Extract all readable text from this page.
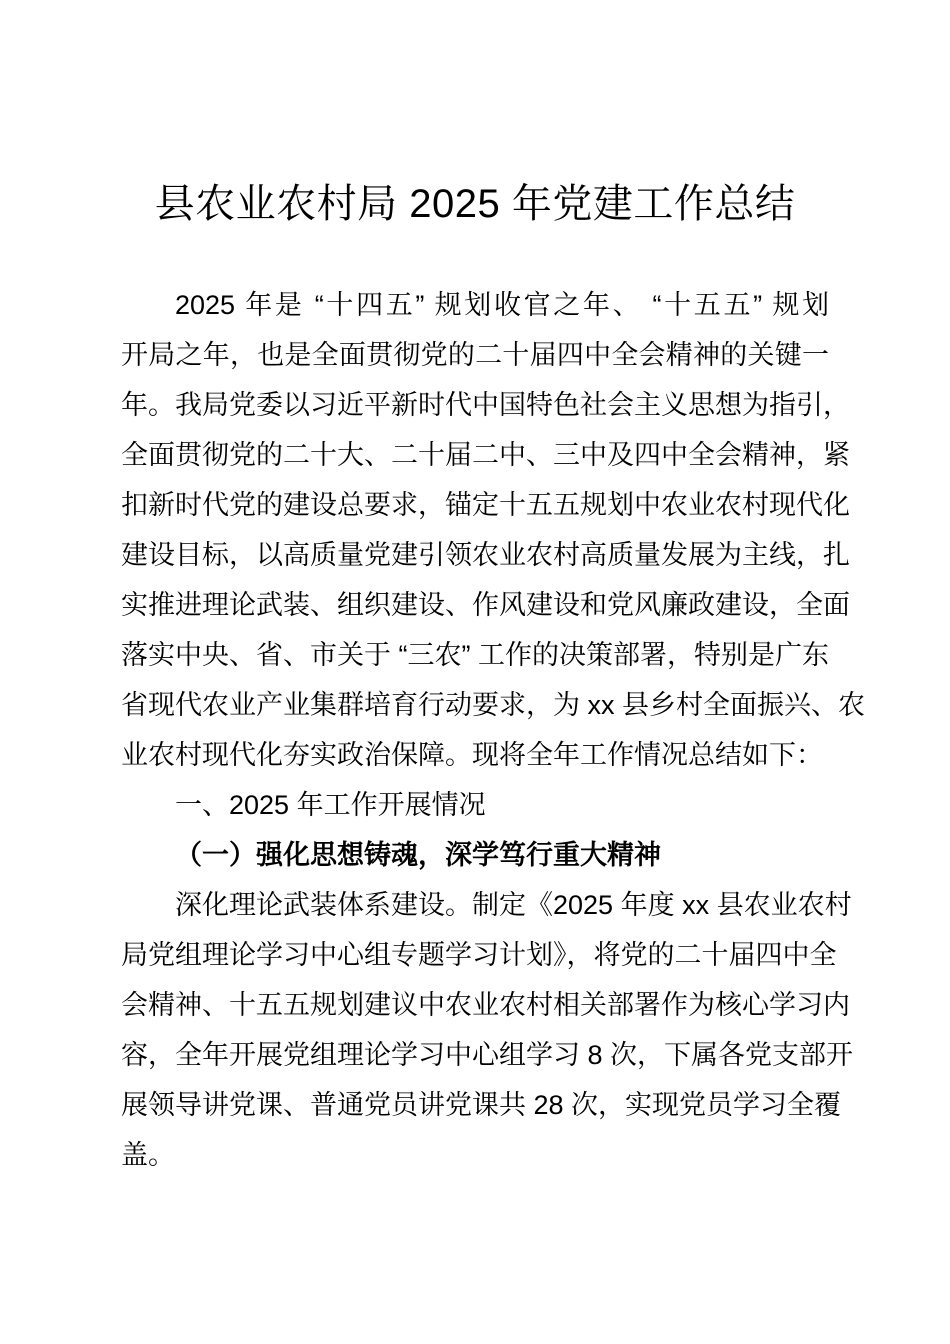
县农业农村局 2025 年党建工作总结
2025 年是 “十四五” 规划收官之年、 “十五五” 规划
开局之年，也是全面贯彻党的二十届四中全会精神的关键一
年。我局党委以习近平新时代中国特色社会主义思想为指引，
全面贯彻党的二十大、二十届二中、三中及四中全会精神，紧
扣新时代党的建设总要求，锚定十五五规划中农业农村现代化
建设目标，以高质量党建引领农业农村高质量发展为主线，扎
实推进理论武装、组织建设、作风建设和党风廉政建设，全面
落实中央、省、市关于 “三农” 工作的决策部署，特别是广东
省现代农业产业集群培育行动要求，为 xx 县乡村全面振兴、农
业农村现代化夯实政治保障。现将全年工作情况总结如下：
一、2025 年工作开展情况
（一）强化思想铸魂，深学笃行重大精神
深化理论武装体系建设。制定《2025 年度 xx 县农业农村
局党组理论学习中心组专题学习计划》，将党的二十届四中全
会精神、十五五规划建议中农业农村相关部署作为核心学习内
容，全年开展党组理论学习中心组学习 8 次，下属各党支部开
展领导讲党课、普通党员讲党课共 28 次，实现党员学习全覆
盖。
